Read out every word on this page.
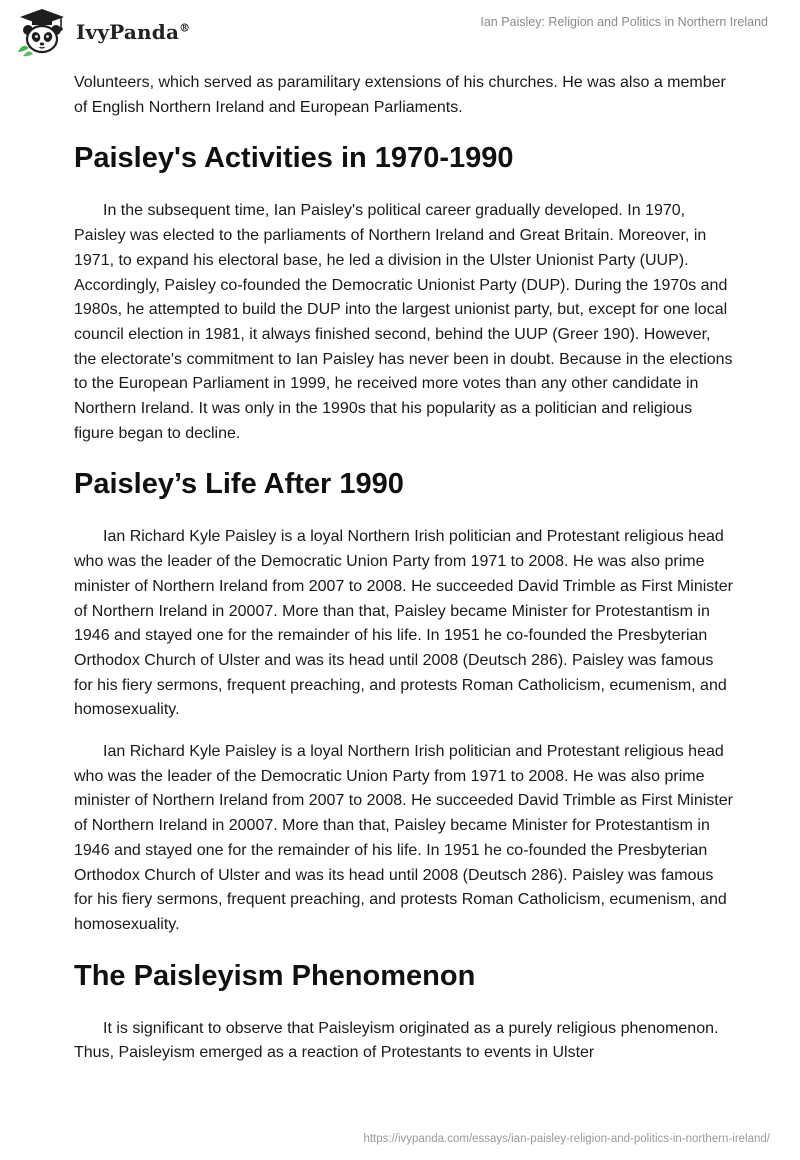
IvyPanda®	Ian Paisley: Religion and Politics in Northern Ireland

Volunteers, which served as paramilitary extensions of his churches. He was also a member of English Northern Ireland and European Parliaments.

Paisley's Activities in 1970-1990

In the subsequent time, Ian Paisley's political career gradually developed. In 1970, Paisley was elected to the parliaments of Northern Ireland and Great Britain. Moreover, in 1971, to expand his electoral base, he led a division in the Ulster Unionist Party (UUP). Accordingly, Paisley co-founded the Democratic Unionist Party (DUP). During the 1970s and 1980s, he attempted to build the DUP into the largest unionist party, but, except for one local council election in 1981, it always finished second, behind the UUP (Greer 190). However, the electorate's commitment to Ian Paisley has never been in doubt. Because in the elections to the European Parliament in 1999, he received more votes than any other candidate in Northern Ireland. It was only in the 1990s that his popularity as a politician and religious figure began to decline.

Paisley’s Life After 1990

Ian Richard Kyle Paisley is a loyal Northern Irish politician and Protestant religious head who was the leader of the Democratic Union Party from 1971 to 2008. He was also prime minister of Northern Ireland from 2007 to 2008. He succeeded David Trimble as First Minister of Northern Ireland in 20007. More than that, Paisley became Minister for Protestantism in 1946 and stayed one for the remainder of his life. In 1951 he co-founded the Presbyterian Orthodox Church of Ulster and was its head until 2008 (Deutsch 286). Paisley was famous for his fiery sermons, frequent preaching, and protests Roman Catholicism, ecumenism, and homosexuality.

Ian Richard Kyle Paisley is a loyal Northern Irish politician and Protestant religious head who was the leader of the Democratic Union Party from 1971 to 2008. He was also prime minister of Northern Ireland from 2007 to 2008. He succeeded David Trimble as First Minister of Northern Ireland in 20007. More than that, Paisley became Minister for Protestantism in 1946 and stayed one for the remainder of his life. In 1951 he co-founded the Presbyterian Orthodox Church of Ulster and was its head until 2008 (Deutsch 286). Paisley was famous for his fiery sermons, frequent preaching, and protests Roman Catholicism, ecumenism, and homosexuality.

The Paisleyism Phenomenon

It is significant to observe that Paisleyism originated as a purely religious phenomenon. Thus, Paisleyism emerged as a reaction of Protestants to events in Ulster

https://ivypanda.com/essays/ian-paisley-religion-and-politics-in-northern-ireland/
